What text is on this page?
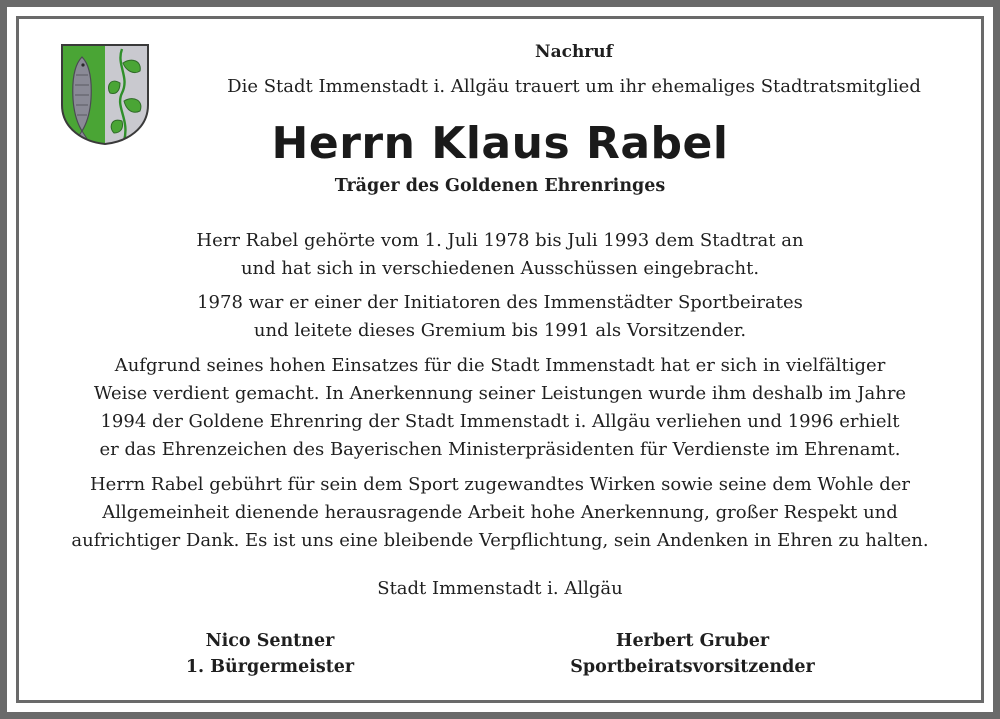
Nachruf
Die Stadt Immenstadt i. Allgäu trauert um ihr ehemaliges Stadtratsmitglied
Herrn Klaus Rabel
Träger des Goldenen Ehrenringes
Herr Rabel gehörte vom 1. Juli 1978 bis Juli 1993 dem Stadtrat an
und hat sich in verschiedenen Ausschüssen eingebracht.
1978 war er einer der Initiatoren des Immenstädter Sportbeirates
und leitete dieses Gremium bis 1991 als Vorsitzender.
Aufgrund seines hohen Einsatzes für die Stadt Immenstadt hat er sich in vielfältiger
Weise verdient gemacht. In Anerkennung seiner Leistungen wurde ihm deshalb im Jahre
1994 der Goldene Ehrenring der Stadt Immenstadt i. Allgäu verliehen und 1996 erhielt
er das Ehrenzeichen des Bayerischen Ministerpräsidenten für Verdienste im Ehrenamt.
Herrn Rabel gebührt für sein dem Sport zugewandtes Wirken sowie seine dem Wohle der
Allgemeinheit dienende herausragende Arbeit hohe Anerkennung, großer Respekt und
aufrichtiger Dank. Es ist uns eine bleibende Verpflichtung, sein Andenken in Ehren zu halten.
Stadt Immenstadt i. Allgäu
Nico Sentner
1. Bürgermeister
Herbert Gruber
Sportbeiratsvorsitzender
